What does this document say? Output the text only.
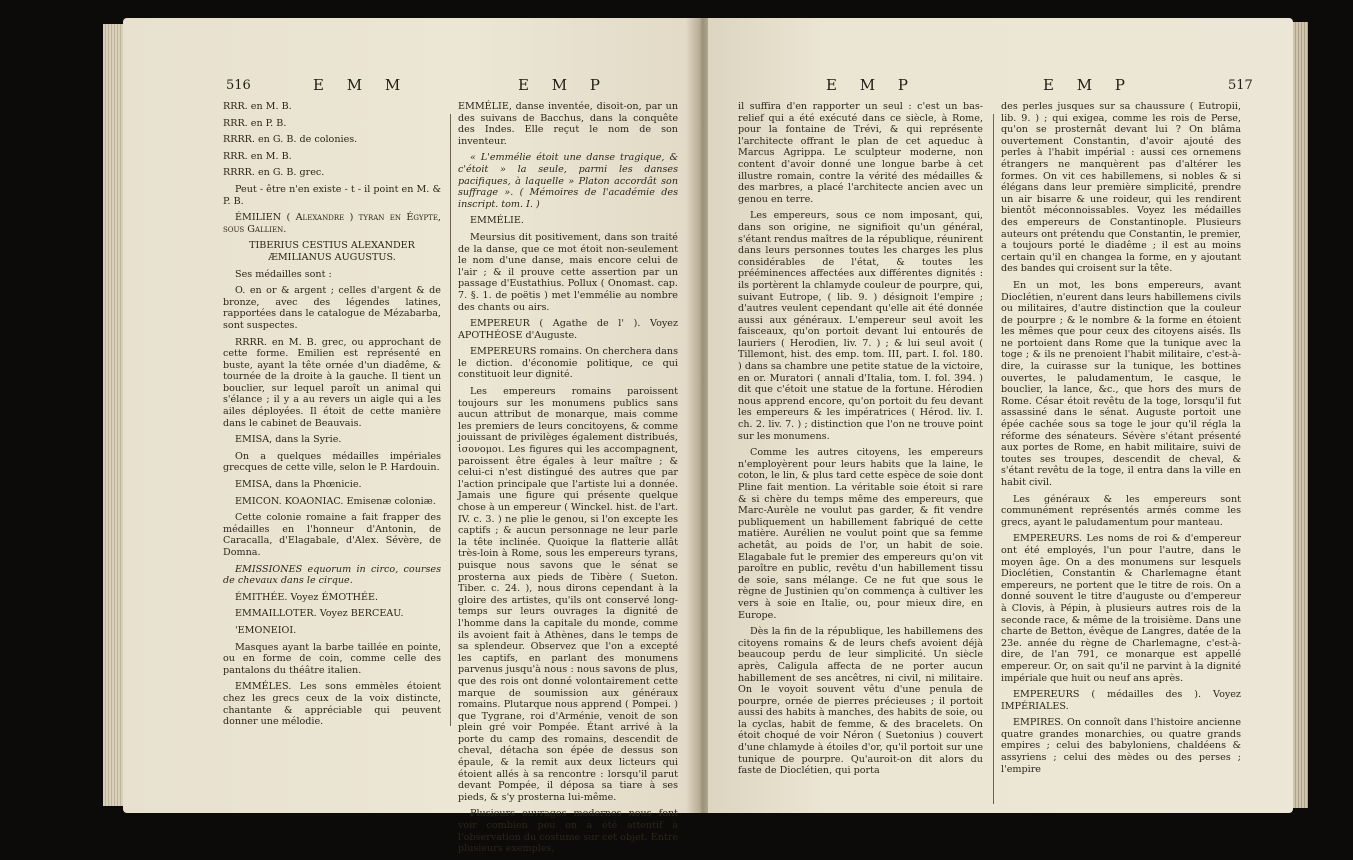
516	E M M	E M P

RRR. en M. B.

RRR. en P. B.

RRRR. en G. B. de colonies.

RRR. en M. B.

RRRR. en G. B. grec.

Peut - être n'en existe - t - il point en M. & P. B.

ÉMILIEN ( Alexandre ) tyran en Égypte, sous Gallien.

TIBERIUS CESTIUS ALEXANDER ÆMILIANUS AUGUSTUS.

Ses médailles sont :

O. en or & argent ; celles d'argent & de bronze, avec des légendes latines, rapportées dans le catalogue de Mézabarba, sont suspectes.

RRRR. en M. B. grec, ou approchant de cette forme. Emilien est représenté en buste, ayant la tête ornée d'un diadême, & tournée de la droite à la gauche. Il tient un bouclier, sur lequel paroît un animal qui s'élance ; il y a au revers un aigle qui a les ailes déployées. Il étoit de cette manière dans le cabinet de Beauvais.

EMISA, dans la Syrie.

On a quelques médailles impériales grecques de cette ville, selon le P. Hardouin.

EMISA, dans la Phœnicie.

EMICON. KOAONIAC. Emisenæ coloniæ.

Cette colonie romaine a fait frapper des médailles en l'honneur d'Antonin, de Caracalla, d'Elagabale, d'Alex. Sévère, de Domna.

EMISSIONES equorum in circo, courses de chevaux dans le cirque.

ÉMITHÉE. Voyez ÉMOTHÉE.

EMMAILLOTER. Voyez BERCEAU.

'EMONEIOI.

Masques ayant la barbe taillée en pointe, ou en forme de coin, comme celle des pantalons du théâtre italien.

EMMÉLES. Les sons emmèles étoient chez les grecs ceux de la voix distincte, chantante & appréciable qui peuvent donner une mélodie.

EMMÉLIE, danse inventée, disoit-on, par un des suivans de Bacchus, dans la conquête des Indes. Elle reçut le nom de son inventeur.

« L'emmélie étoit une danse tragique, & c'étoit » la seule, parmi les danses pacifiques, à laquelle » Platon accordât son suffrage ». ( Mémoires de l'académie des inscript. tom. I. )

EMMÉLIE.

Meursius dit positivement, dans son traité de la danse, que ce mot étoit non-seulement le nom d'une danse, mais encore celui de l'air ; & il prouve cette assertion par un passage d'Eustathius. Pollux ( Onomast. cap. 7. §. 1. de poëtis ) met l'emmélie au nombre des chants ou airs.

EMPEREUR ( Agathe de l' ). Voyez APOTHÉOSE d'Auguste.

EMPEREURS romains. On cherchera dans le diction. d'économie politique, ce qui constituoit leur dignité.

Les empereurs romains paroissent toujours sur les monumens publics sans aucun attribut de monarque, mais comme les premiers de leurs concitoyens, & comme jouissant de privilèges également distribués, ἰσονομοι. Les figures qui les accompagnent, paroissent être égales à leur maître ; & celui-ci n'est distingué des autres que par l'action principale que l'artiste lui a donnée. Jamais une figure qui présente quelque chose à un empereur ( Winckel. hist. de l'art. IV. c. 3. ) ne plie le genou, si l'on excepte les captifs ; & aucun personnage ne leur parle la tête inclinée. Quoique la flatterie allât très-loin à Rome, sous les empereurs tyrans, puisque nous savons que le sénat se prosterna aux pieds de Tibère ( Sueton. Tiber. c. 24. ), nous dirons cependant à la gloire des artistes, qu'ils ont conservé long-temps sur leurs ouvrages la dignité de l'homme dans la capitale du monde, comme ils avoient fait à Athènes, dans le temps de sa splendeur. Observez que l'on a excepté les captifs, en parlant des monumens parvenus jusqu'à nous : nous savons de plus, que des rois ont donné volontairement cette marque de soumission aux généraux romains. Plutarque nous apprend ( Pompei. ) que Tygrane, roi d'Arménie, venoit de son plein gré voir Pompée. Étant arrivé à la porte du camp des romains, descendit de cheval, détacha son épée de dessus son épaule, & la remit aux deux licteurs qui étoient allés à sa rencontre : lorsqu'il parut devant Pompée, il déposa sa tiare à ses pieds, & s'y prosterna lui-même.

Plusieurs ouvrages modernes nous font voir combien peu on a été attentif à l'observation du costume sur cet objet. Entre plusieurs exemples,

E M P	E M P	517

il suffira d'en rapporter un seul : c'est un bas-relief qui a été exécuté dans ce siècle, à Rome, pour la fontaine de Trévi, & qui représente l'architecte offrant le plan de cet aqueduc à Marcus Agrippa. Le sculpteur moderne, non content d'avoir donné une longue barbe à cet illustre romain, contre la vérité des médailles & des marbres, a placé l'architecte ancien avec un genou en terre.

Les empereurs, sous ce nom imposant, qui, dans son origine, ne signifioit qu'un général, s'étant rendus maîtres de la république, réunirent dans leurs personnes toutes les charges les plus considérables de l'état, & toutes les prééminences affectées aux différentes dignités : ils portèrent la chlamyde couleur de pourpre, qui, suivant Eutrope, ( lib. 9. ) désignoit l'empire ; d'autres veulent cependant qu'elle ait été donnée aussi aux généraux. L'empereur seul avoit les faisceaux, qu'on portoit devant lui entourés de lauriers ( Herodien, liv. 7. ) ; & lui seul avoit ( Tillemont, hist. des emp. tom. III, part. I. fol. 180. ) dans sa chambre une petite statue de la victoire, en or. Muratori ( annali d'Italia, tom. I. fol. 394. ) dit que c'étoit une statue de la fortune. Hérodien nous apprend encore, qu'on portoit du feu devant les empereurs & les impératrices ( Hérod. liv. I. ch. 2. liv. 7. ) ; distinction que l'on ne trouve point sur les monumens.

Comme les autres citoyens, les empereurs n'employèrent pour leurs habits que la laine, le coton, le lin, & plus tard cette espèce de soie dont Pline fait mention. La véritable soie étoit si rare & si chère du temps même des empereurs, que Marc-Aurèle ne voulut pas garder, & fit vendre publiquement un habillement fabriqué de cette matière. Aurélien ne voulut point que sa femme achetât, au poids de l'or, un habit de soie. Elagabale fut le premier des empereurs qu'on vit paroître en public, revêtu d'un habillement tissu de soie, sans mélange. Ce ne fut que sous le règne de Justinien qu'on commença à cultiver les vers à soie en Italie, ou, pour mieux dire, en Europe.

Dès la fin de la république, les habillemens des citoyens romains & de leurs chefs avoient déjà beaucoup perdu de leur simplicité. Un siècle après, Caligula affecta de ne porter aucun habillement de ses ancêtres, ni civil, ni militaire. On le voyoit souvent vêtu d'une penula de pourpre, ornée de pierres précieuses ; il portoit aussi des habits à manches, des habits de soie, ou la cyclas, habit de femme, & des bracelets. On étoit choqué de voir Néron ( Suetonius ) couvert d'une chlamyde à étoiles d'or, qu'il portoit sur une tunique de pourpre. Qu'auroit-on dit alors du faste de Dioclétien, qui porta

des perles jusques sur sa chaussure ( Eutropii, lib. 9. ) ; qui exigea, comme les rois de Perse, qu'on se prosternât devant lui ? On blâma ouvertement Constantin, d'avoir ajouté des perles à l'habit impérial : aussi ces ornemens étrangers ne manquèrent pas d'altérer les formes. On vit ces habillemens, si nobles & si élégans dans leur première simplicité, prendre un air bisarre & une roideur, qui les rendirent bientôt méconnoissables. Voyez les médailles des empereurs de Constantinople. Plusieurs auteurs ont prétendu que Constantin, le premier, a toujours porté le diadême ; il est au moins certain qu'il en changea la forme, en y ajoutant des bandes qui croisent sur la tête.

En un mot, les bons empereurs, avant Dioclétien, n'eurent dans leurs habillemens civils ou militaires, d'autre distinction que la couleur de pourpre ; & le nombre & la forme en étoient les mêmes que pour ceux des citoyens aisés. Ils ne portoient dans Rome que la tunique avec la toge ; & ils ne prenoient l'habit militaire, c'est-à-dire, la cuirasse sur la tunique, les bottines ouvertes, le paludamentum, le casque, le bouclier, la lance, &c., que hors des murs de Rome. César étoit revêtu de la toge, lorsqu'il fut assassiné dans le sénat. Auguste portoit une épée cachée sous sa toge le jour qu'il régla la réforme des sénateurs. Sévère s'étant présenté aux portes de Rome, en habit militaire, suivi de toutes ses troupes, descendit de cheval, & s'étant revêtu de la toge, il entra dans la ville en habit civil.

Les généraux & les empereurs sont communément représentés armés comme les grecs, ayant le paludamentum pour manteau.

EMPEREURS. Les noms de roi & d'empereur ont été employés, l'un pour l'autre, dans le moyen âge. On a des monumens sur lesquels Dioclétien, Constantin & Charlemagne étant empereurs, ne portent que le titre de rois. On a donné souvent le titre d'auguste ou d'empereur à Clovis, à Pépin, à plusieurs autres rois de la seconde race, & même de la troisième. Dans une charte de Betton, évêque de Langres, datée de la 23e. année du règne de Charlemagne, c'est-à-dire, de l'an 791, ce monarque est appellé empereur. Or, on sait qu'il ne parvint à la dignité impériale que huit ou neuf ans après.

EMPEREURS ( médailles des ). Voyez IMPÉRIALES.

EMPIRES. On connoît dans l'histoire ancienne quatre grandes monarchies, ou quatre grands empires ; celui des babyloniens, chaldéens & assyriens ; celui des mèdes ou des perses ; l'empire
